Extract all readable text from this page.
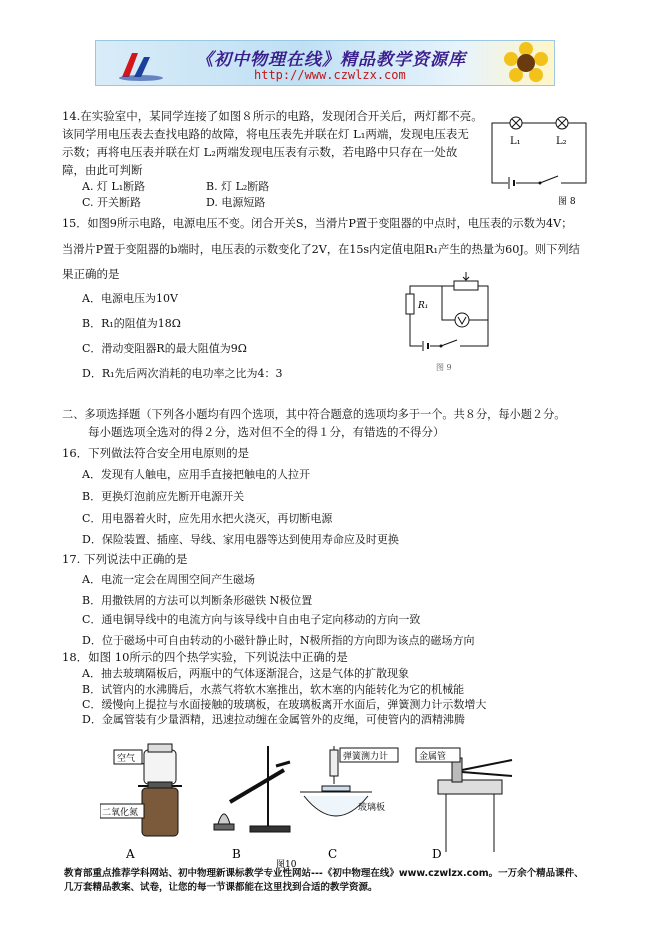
《初中物理在线》精品教学资源库
http://www.czwlzx.com
14.在实验室中，某同学连接了如图８所示的电路，发现闭合开关后，两灯都不亮。
该同学用电压表去查找电路的故障，将电压表先并联在灯 L₁两端，发现电压表无
示数；再将电压表并联在灯 L₂两端发现电压表有示数，若电路中只存在一处故
障，由此可判断
A. 灯 L₁断路	B. 灯 L₂断路
C. 开关断路	D. 电源短路
L₁	L₂
图 8
15．如图9所示电路，电源电压不变。闭合开关S，当滑片P置于变阻器的中点时，电压表的示数为4V；
当滑片P置于变阻器的b端时，电压表的示数变化了2V，在15s内定值电阻R₁产生的热量为60J。则下列结
果正确的是
A．电源电压为10V
B．R₁的阻值为18Ω
C．滑动变阻器R的最大阻值为9Ω
D．R₁先后两次消耗的电功率之比为4：3
R₁
图 9
二、多项选择题（下列各小题均有四个选项，其中符合题意的选项均多于一个。共８分，每小题２分。
每小题选项全选对的得２分，选对但不全的得１分，有错选的不得分）
16．下列做法符合安全用电原则的是
A．发现有人触电，应用手直接把触电的人拉开
B．更换灯泡前应先断开电源开关
C．用电器着火时，应先用水把火浇灭，再切断电源
D．保险装置、插座、导线、家用电器等达到使用寿命应及时更换
17. 下列说法中正确的是
A．电流一定会在周围空间产生磁场
B．用撒铁屑的方法可以判断条形磁铁 N极位置
C．通电铜导线中的电流方向与该导线中自由电子定向移动的方向一致
D．位于磁场中可自由转动的小磁针静止时，N极所指的方向即为该点的磁场方向
18．如图 10所示的四个热学实验，下列说法中正确的是
A．抽去玻璃隔板后，两瓶中的气体逐渐混合，这是气体的扩散现象
B．试管内的水沸腾后，水蒸气将软木塞推出，软木塞的内能转化为它的机械能
C．缓慢向上提拉与水面接触的玻璃板，在玻璃板离开水面后，弹簧测力计示数增大
D．金属管装有少量酒精，迅速拉动缠在金属管外的皮绳，可使管内的酒精沸腾
空气
二氧化氮
弹簧测力计
玻璃板
金属管
A	B	C	D
图10
教育部重点推荐学科网站、初中物理新课标教学专业性网站---《初中物理在线》www.czwlzx.com。一万余个精品课件、
几万套精品教案、试卷，让您的每一节课都能在这里找到合适的教学资源。
